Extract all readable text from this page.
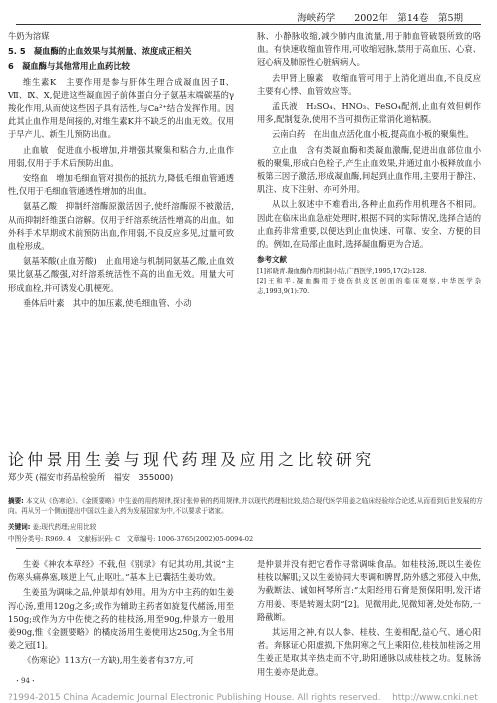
海峡药学　　2002年　第14卷　第5期

牛奶为溶媒

5. 5　凝血酶的止血效果与其剂量、浓度成正相关

6　凝血酶与其他常用止血药比较

维生素K　主要作用是参与肝体生理合成凝血因子Ⅱ、Ⅶ、Ⅸ、Ⅹ,促进这些凝血因子前体蛋白分子氨基末端碳基的γ羧化作用,从而使这些因子具有活性,与Ca²⁺结合发挥作用。因此其止血作用是间接的,对维生素K并不缺乏的出血无效。仅用于早产儿、新生儿预防出血。

止血敏　促进血小板增加,并增强其聚集和粘合力,止血作用弱,仅用于手术后预防出血。

安络血　增加毛细血管对损伤的抵抗力,降低毛细血管通透性,仅用于毛细血管通透性增加的出血。

氨基乙酸　抑制纤溶酶原激活因子,使纤溶酶原不被激活,从而抑制纤维蛋白溶解。仅用于纤溶系统活性增高的出血。如外科手术早期或术前预防出血,作用弱,不良反应多见,过量可致血栓形成。

氨基苯酸(止血芳酸)　止血用途与机制同氨基乙酸,止血效果比氨基乙酸强,对纤溶系统活性不高的出血无效。用量大可形成血栓,并可诱发心肌梗死。

垂体后叶素　其中的加压素,使毛细血管、小动

脉、小静脉收缩,减少肺内血流量,用于肺血管破裂所致的咯血。有快速收缩血管作用,可收缩冠脉,禁用于高血压、心衰、冠心病及肺原性心脏病病人。

去甲肾上腺素　收缩血管可用于上消化道出血,不良反应主要有心悸、血管效应等。

孟氏液　H₂SO₄、HNO₃、FeSO₄配剂,止血有效但刺作用多,配制复杂,使用不当可损伤正常消化道粘膜。

云南白药　在出血点活化血小板,提高血小板的聚集性。

立止血　含有类凝血酶和类凝血激酶,促进出血部位血小板的聚集,形成白色栓子,产生止血效果,并通过血小板释放血小板第三因子激活,形成凝血酶,间起到止血作用,主要用于静注、肌注、皮下注射、亦可外用。

从以上叙述中不难看出,各种止血药作用机理各不相同。因此在临床出血急症处理时,根据不同的实际情况,选择合适的止血药非常重要,以便达到止血快速、可靠、安全、方便的目的。例如,在局部止血时,选择凝血酶更为合适。

参考文献
[1]祁晓青.凝血酶作用机制小结,广西医学,1995,17(2):128.
[2]王和平.凝血酶用于烧伤供皮区创面的临床观察,中华医学杂志,1993,9(1):70.
论仲景用生姜与现代药理及应用之比较研究
郑少英 (福安市药品检验所　福安　355000)
摘要: 本文从《伤寒论》、《金匮要略》中生姜的用药规律,探讨张仲景的药用规律,并以现代药理相比较,结合现代医学用姜之临床经验综合论述,从而看到后世发展的方向。再从另一个侧面提出中国以生姜入药为发展国家为中,不以要求于诸家。
关键词: 姜;现代药理;应用比较
中图分类号: R969. 4　文献标识码: C　文章编号: 1006-3765(2002)05-0094-02

生姜《神农本草经》不载,但《别录》有记其功用,其说“主伤寒头痛鼻塞,咳逆上气,止呕吐。”基本上已囊括生姜功效。

生姜虽为调味之品,仲景却有妙用。用为方中主药的如生姜泻心汤,重用120g之多;或作为辅助主药者如旋复代赭汤,用至150g;或作为方中佐使之药的桂枝汤,用至90g,仲景方一般用姜90g,惟《金匮要略》的橘皮汤用生姜使用达250g,为全书用姜之冠[1]。

《伤寒论》113方(一方缺),用生姜者有37方,可

是仲景并没有把它看作寻常调味食品。如桂枝汤,既以生姜佐桂枝以解肌;又以生姜协同大枣调和脾胃,防外感之邪侵入中焦,为截断法、诚如柯琴所言:“太阳经用石膏是预保阳明,发汗诸方用姜、枣是转遏太阴”[2]。见微用此,见微知著,处处布防,一路截断。

其运用之神,有以人参、桂枝、生姜相配,益心气、通心阳者。奔豚证心阳虚损,下焦阴寒之气上乘阳位,桂枝加桂汤之用生姜正是取其辛热走而不守,助阳通脉以成桂枝之功。复脉汤用生姜亦是此意。

・94・
?1994-2015 China Academic Journal Electronic Publishing House. All rights reserved.　 http://www.cnki.net
